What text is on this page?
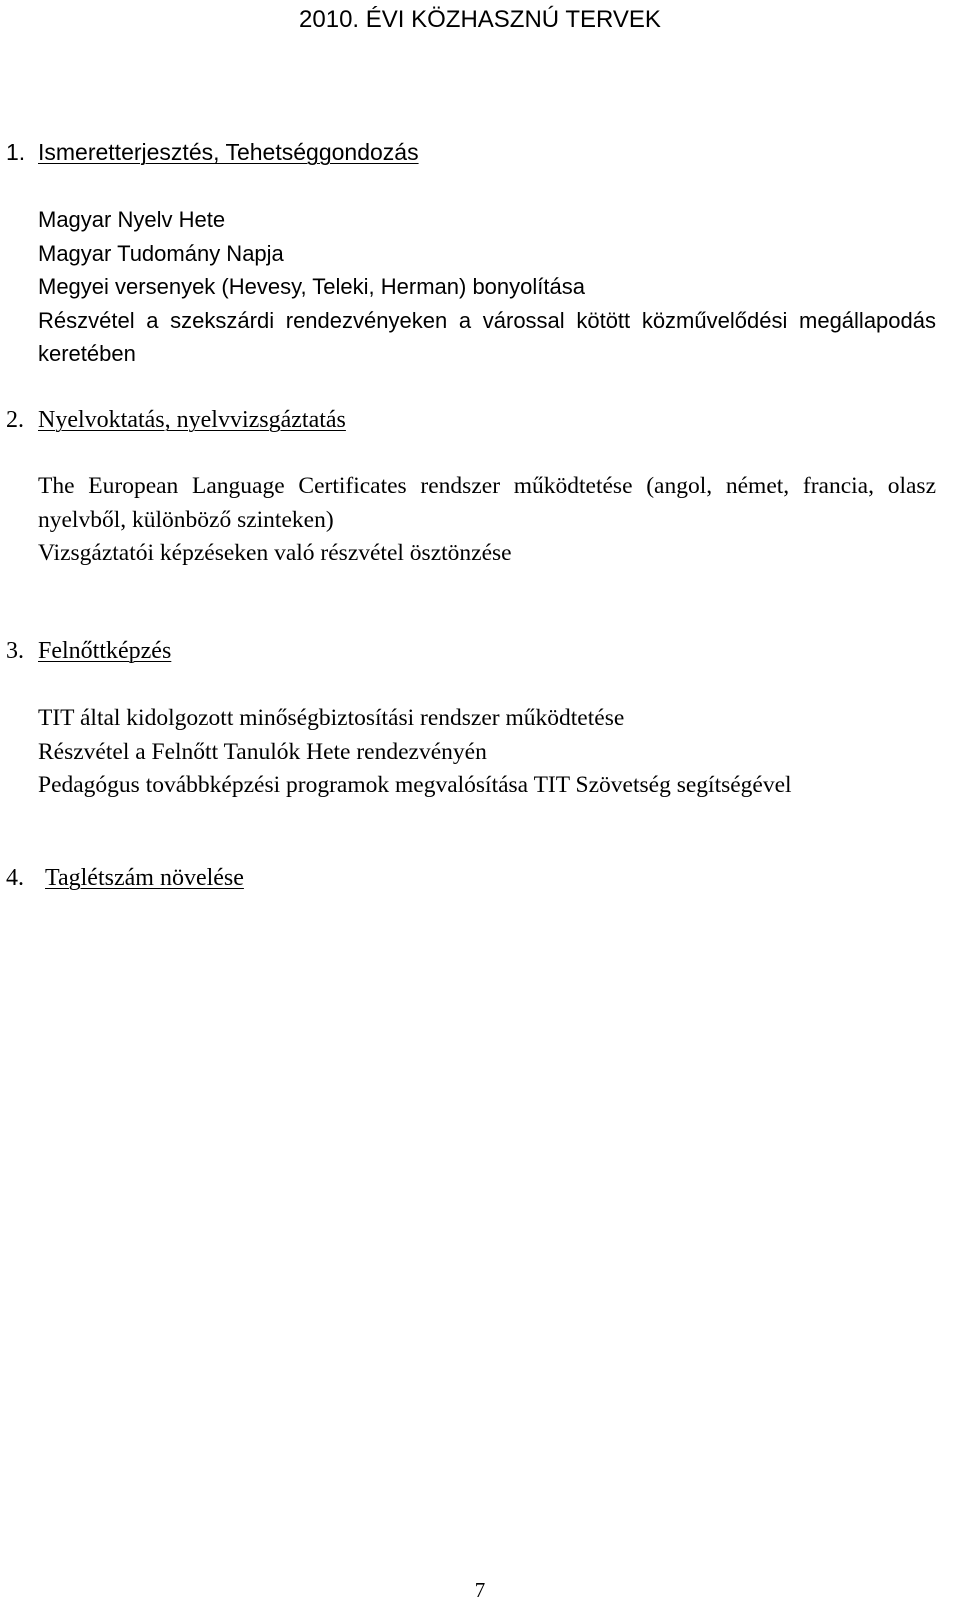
2010. ÉVI KÖZHASZNÚ TERVEK
1. Ismeretterjesztés, Tehetséggondozás
Magyar Nyelv Hete
Magyar Tudomány Napja
Megyei versenyek (Hevesy, Teleki, Herman) bonyolítása
Részvétel a szekszárdi rendezvényeken a várossal kötött közművelődési megállapodás keretében
2. Nyelvoktatás, nyelvvizsgáztatás
The European Language Certificates rendszer működtetése (angol, német, francia, olasz nyelvből, különböző szinteken)
Vizsgáztatói képzéseken való részvétel ösztönzése
3. Felnőttképzés
TIT által kidolgozott minőségbiztosítási rendszer működtetése
Részvétel a Felnőtt Tanulók Hete rendezvényén
Pedagógus továbbképzési programok megvalósítása TIT Szövetség segítségével
4. Taglétszám növelése

7
